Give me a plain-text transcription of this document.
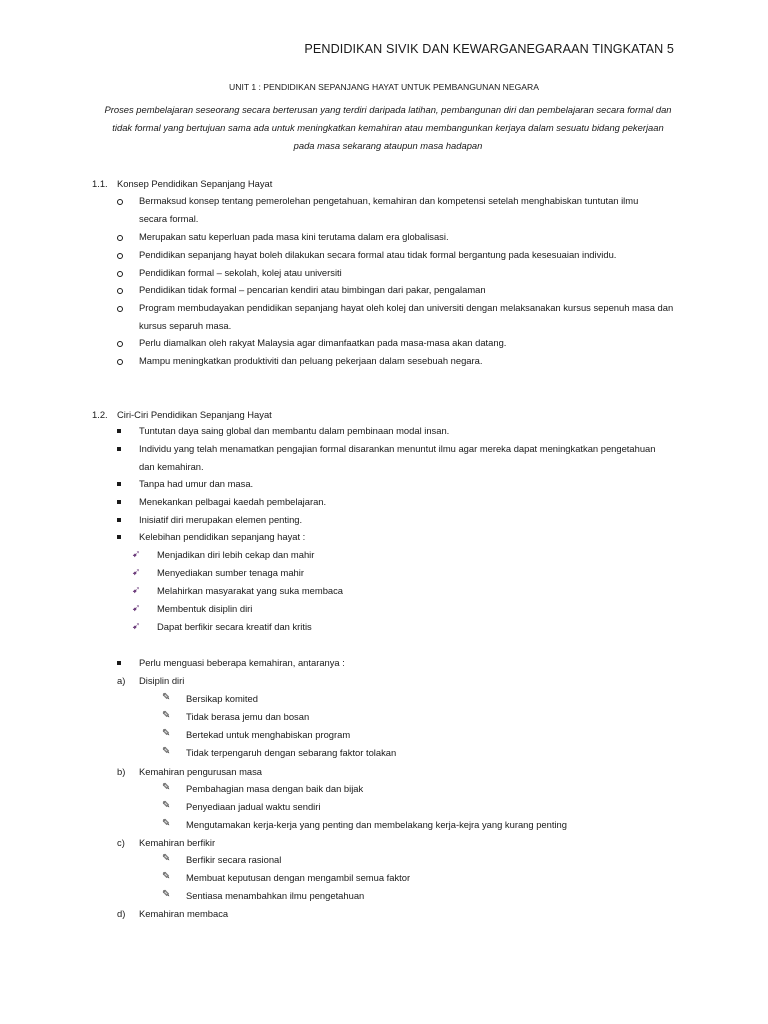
PENDIDIKAN SIVIK DAN KEWARGANEGARAAN TINGKATAN 5
UNIT 1 : PENDIDIKAN SEPANJANG HAYAT UNTUK PEMBANGUNAN NEGARA
Proses pembelajaran seseorang secara berterusan yang terdiri daripada latihan, pembangunan diri dan pembelajaran secara formal dan
tidak formal yang bertujuan sama ada untuk meningkatkan kemahiran atau membangunkan kerjaya dalam sesuatu bidang pekerjaan
pada masa sekarang ataupun masa hadapan
1.1. Konsep Pendidikan Sepanjang Hayat
Bermaksud konsep tentang pemerolehan pengetahuan, kemahiran dan kompetensi setelah menghabiskan tuntutan ilmu
secara formal.
Merupakan satu keperluan pada masa kini terutama dalam era globalisasi.
Pendidikan sepanjang hayat boleh dilakukan secara formal atau tidak formal bergantung pada kesesuaian individu.
Pendidikan formal – sekolah, kolej atau universiti
Pendidikan tidak formal – pencarian kendiri atau bimbingan dari pakar, pengalaman
Program membudayakan pendidikan sepanjang hayat oleh kolej dan universiti dengan melaksanakan kursus sepenuh masa dan
kursus separuh masa.
Perlu diamalkan oleh rakyat Malaysia agar dimanfaatkan pada masa-masa akan datang.
Mampu meningkatkan produktiviti dan peluang pekerjaan dalam sesebuah negara.
1.2. Ciri-Ciri Pendidikan Sepanjang Hayat
Tuntutan daya saing global dan membantu dalam pembinaan modal insan.
Individu yang telah menamatkan pengajian formal disarankan menuntut ilmu agar mereka dapat meningkatkan pengetahuan
dan kemahiran.
Tanpa had umur dan masa.
Menekankan pelbagai kaedah pembelajaran.
Inisiatif diri merupakan elemen penting.
Kelebihan pendidikan sepanjang hayat :
➹ Menjadikan diri lebih cekap dan mahir
➹ Menyediakan sumber tenaga mahir
➹ Melahirkan masyarakat yang suka membaca
➹ Membentuk disiplin diri
➹ Dapat berfikir secara kreatif dan kritis
Perlu menguasi beberapa kemahiran, antaranya :
a) Disiplin diri
✎ Bersikap komited
✎ Tidak berasa jemu dan bosan
✎ Bertekad untuk menghabiskan program
✎ Tidak terpengaruh dengan sebarang faktor tolakan
b) Kemahiran pengurusan masa
✎ Pembahagian masa dengan baik dan bijak
✎ Penyediaan jadual waktu sendiri
✎ Mengutamakan kerja-kerja yang penting dan membelakang kerja-kejra yang kurang penting
c) Kemahiran berfikir
✎ Berfikir secara rasional
✎ Membuat keputusan dengan mengambil semua faktor
✎ Sentiasa menambahkan ilmu pengetahuan
d) Kemahiran membaca
